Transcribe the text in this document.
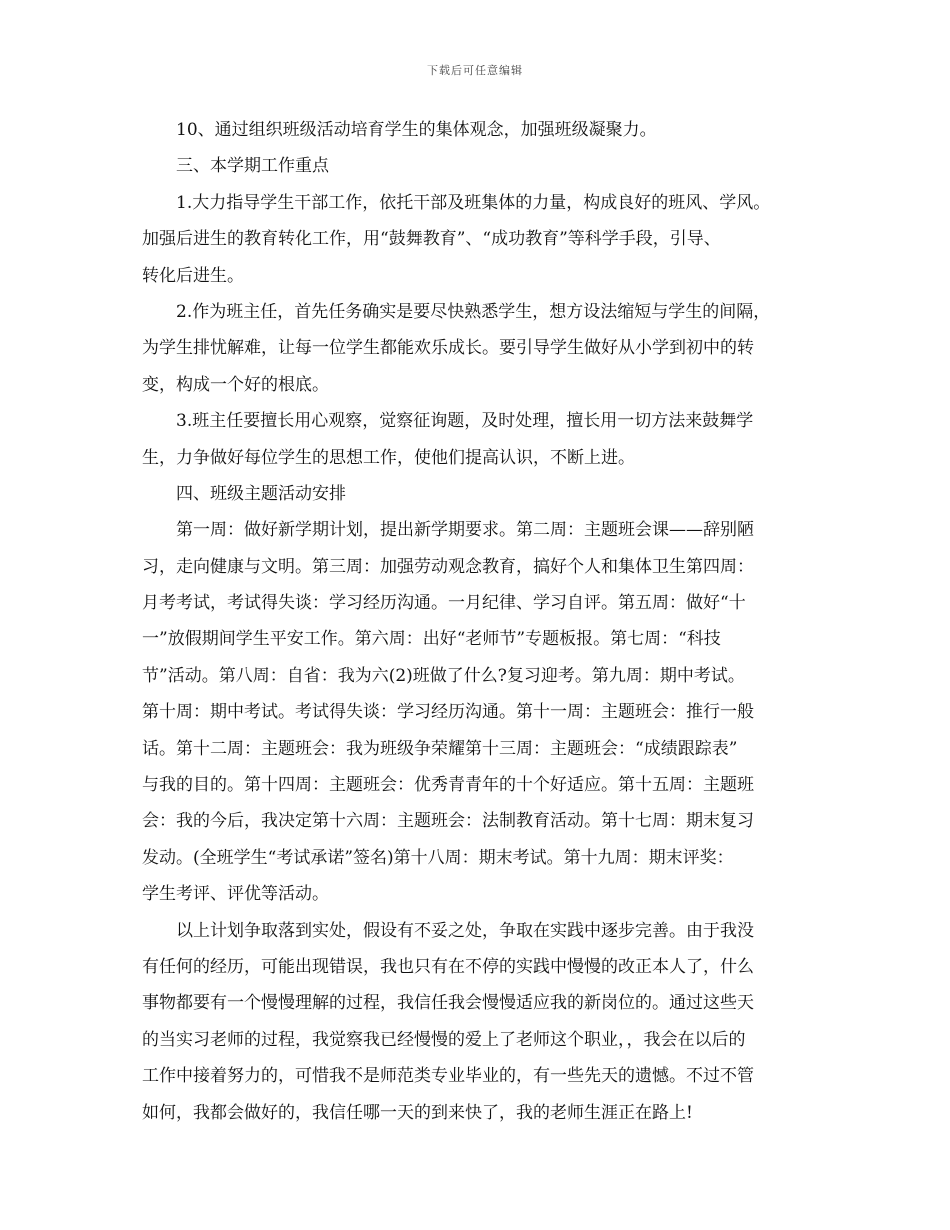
下载后可任意编辑
10、通过组织班级活动培育学生的集体观念，加强班级凝聚力。
三、本学期工作重点
1.大力指导学生干部工作，依托干部及班集体的力量，构成良好的班风、学风。
加强后进生的教育转化工作，用“鼓舞教育”、“成功教育”等科学手段，引导、
转化后进生。
2.作为班主任，首先任务确实是要尽快熟悉学生，想方设法缩短与学生的间隔，
为学生排忧解难，让每一位学生都能欢乐成长。要引导学生做好从小学到初中的转
变，构成一个好的根底。
3.班主任要擅长用心观察，觉察征询题，及时处理，擅长用一切方法来鼓舞学
生，力争做好每位学生的思想工作，使他们提高认识，不断上进。
四、班级主题活动安排
第一周：做好新学期计划，提出新学期要求。第二周：主题班会课——辞别陋
习，走向健康与文明。第三周：加强劳动观念教育，搞好个人和集体卫生第四周：
月考考试，考试得失谈：学习经历沟通。一月纪律、学习自评。第五周：做好“十
一”放假期间学生平安工作。第六周：出好“老师节”专题板报。第七周：“科技
节”活动。第八周：自省：我为六(2)班做了什么?复习迎考。第九周：期中考试。
第十周：期中考试。考试得失谈：学习经历沟通。第十一周：主题班会：推行一般
话。第十二周：主题班会：我为班级争荣耀第十三周：主题班会：“成绩跟踪表”
与我的目的。第十四周：主题班会：优秀青青年的十个好适应。第十五周：主题班
会：我的今后，我决定第十六周：主题班会：法制教育活动。第十七周：期末复习
发动。(全班学生“考试承诺”签名)第十八周：期末考试。第十九周：期末评奖：
学生考评、评优等活动。
以上计划争取落到实处，假设有不妥之处，争取在实践中逐步完善。由于我没
有任何的经历，可能出现错误，我也只有在不停的实践中慢慢的改正本人了，什么
事物都要有一个慢慢理解的过程，我信任我会慢慢适应我的新岗位的。通过这些天
的当实习老师的过程，我觉察我已经慢慢的爱上了老师这个职业，，我会在以后的
工作中接着努力的，可惜我不是师范类专业毕业的，有一些先天的遗憾。不过不管
如何，我都会做好的，我信任哪一天的到来快了，我的老师生涯正在路上!
